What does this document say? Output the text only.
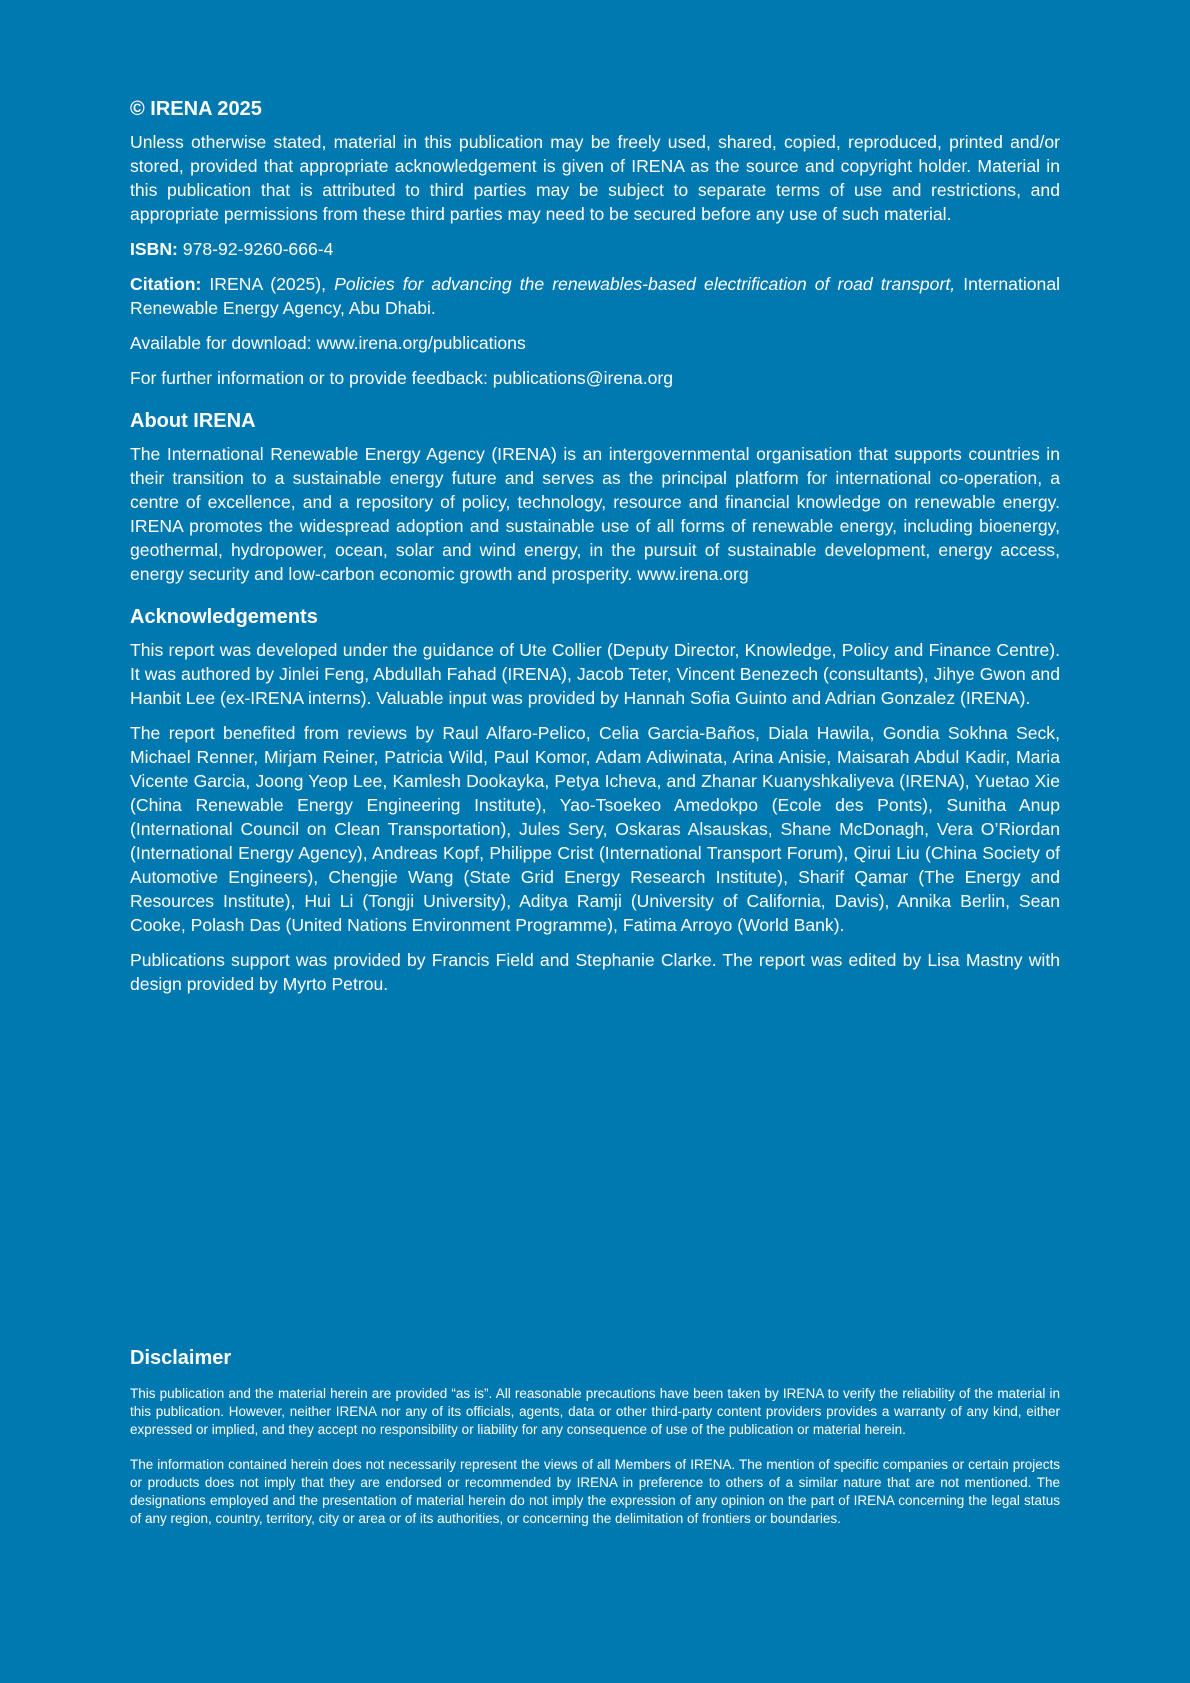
© IRENA 2025

Unless otherwise stated, material in this publication may be freely used, shared, copied, reproduced, printed and/or stored, provided that appropriate acknowledgement is given of IRENA as the source and copyright holder. Material in this publication that is attributed to third parties may be subject to separate terms of use and restrictions, and appropriate permissions from these third parties may need to be secured before any use of such material.

ISBN: 978-92-9260-666-4

Citation: IRENA (2025), Policies for advancing the renewables-based electrification of road transport, International Renewable Energy Agency, Abu Dhabi.

Available for download: www.irena.org/publications

For further information or to provide feedback: publications@irena.org

About IRENA

The International Renewable Energy Agency (IRENA) is an intergovernmental organisation that supports countries in their transition to a sustainable energy future and serves as the principal platform for international co-operation, a centre of excellence, and a repository of policy, technology, resource and financial knowledge on renewable energy. IRENA promotes the widespread adoption and sustainable use of all forms of renewable energy, including bioenergy, geothermal, hydropower, ocean, solar and wind energy, in the pursuit of sustainable development, energy access, energy security and low-carbon economic growth and prosperity. www.irena.org

Acknowledgements

This report was developed under the guidance of Ute Collier (Deputy Director, Knowledge, Policy and Finance Centre). It was authored by Jinlei Feng, Abdullah Fahad (IRENA), Jacob Teter, Vincent Benezech (consultants), Jihye Gwon and Hanbit Lee (ex-IRENA interns). Valuable input was provided by Hannah Sofia Guinto and Adrian Gonzalez (IRENA).

The report benefited from reviews by Raul Alfaro-Pelico, Celia Garcia-Baños, Diala Hawila, Gondia Sokhna Seck, Michael Renner, Mirjam Reiner, Patricia Wild, Paul Komor, Adam Adiwinata, Arina Anisie, Maisarah Abdul Kadir, Maria Vicente Garcia, Joong Yeop Lee, Kamlesh Dookayka, Petya Icheva, and Zhanar Kuanyshkaliyeva (IRENA), Yuetao Xie (China Renewable Energy Engineering Institute), Yao-Tsoekeo Amedokpo (Ecole des Ponts), Sunitha Anup (International Council on Clean Transportation), Jules Sery, Oskaras Alsauskas, Shane McDonagh, Vera O’Riordan (International Energy Agency), Andreas Kopf, Philippe Crist (International Transport Forum), Qirui Liu (China Society of Automotive Engineers), Chengjie Wang (State Grid Energy Research Institute), Sharif Qamar (The Energy and Resources Institute), Hui Li (Tongji University), Aditya Ramji (University of California, Davis), Annika Berlin, Sean Cooke, Polash Das (United Nations Environment Programme), Fatima Arroyo (World Bank).

Publications support was provided by Francis Field and Stephanie Clarke. The report was edited by Lisa Mastny with design provided by Myrto Petrou.

Disclaimer

This publication and the material herein are provided “as is”. All reasonable precautions have been taken by IRENA to verify the reliability of the material in this publication. However, neither IRENA nor any of its officials, agents, data or other third-party content providers provides a warranty of any kind, either expressed or implied, and they accept no responsibility or liability for any consequence of use of the publication or material herein.

The information contained herein does not necessarily represent the views of all Members of IRENA. The mention of specific companies or certain projects or products does not imply that they are endorsed or recommended by IRENA in preference to others of a similar nature that are not mentioned. The designations employed and the presentation of material herein do not imply the expression of any opinion on the part of IRENA concerning the legal status of any region, country, territory, city or area or of its authorities, or concerning the delimitation of frontiers or boundaries.
